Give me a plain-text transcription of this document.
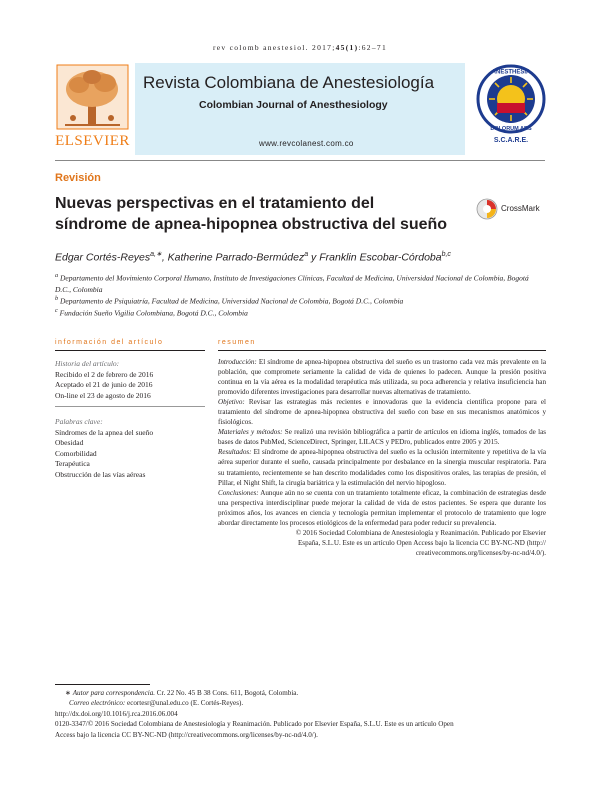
rev colomb anestesiol. 2017;45(1):62–71
ELSEVIER
Revista Colombiana de Anestesiología
Colombian Journal of Anesthesiology
www.revcolanest.com.co
ANESTHESIA
DOLORUM ARS
S.C.A.R.E.
Revisión
Nuevas perspectivas en el tratamiento del
síndrome de apnea-hipopnea obstructiva del sueño
CrossMark
Edgar Cortés-Reyes$^{a,∗}$, Katherine Parrado-Bermúdez$^a$ y Franklin Escobar-Córdoba$^{b,c}$
$^a$ Departamento del Movimiento Corporal Humano, Instituto de Investigaciones Clínicas, Facultad de Medicina, Universidad Nacional de Colombia, Bogotá D.C., Colombia
$^b$ Departamento de Psiquiatría, Facultad de Medicina, Universidad Nacional de Colombia, Bogotá D.C., Colombia
$^c$ Fundación Sueño Vigilia Colombiana, Bogotá D.C., Colombia
información del artículo
Historia del artículo:
Recibido el 2 de febrero de 2016
Aceptado el 21 de junio de 2016
On-line el 23 de agosto de 2016
Palabras clave:
Síndromes de la apnea del sueño
Obesidad
Comorbilidad
Terapéutica
Obstrucción de las vías aéreas
resumen

Introducción: El síndrome de apnea-hipopnea obstructiva del sueño es un trastorno cada vez más prevalente en la población, que compromete seriamente la calidad de vida de quienes lo padecen. Aunque la presión positiva continua en la vía aérea es la modalidad terapéutica más utilizada, su poca adherencia y relativa insuficiencia han promovido diferentes investigaciones para desarrollar nuevas alternativas de tratamiento.

Objetivo: Revisar las estrategias más recientes e innovadoras que la evidencia científica propone para el tratamiento del síndrome de apnea-hipopnea obstructiva del sueño con base en sus mecanismos anatómicos y fisiológicos.

Materiales y métodos: Se realizó una revisión bibliográfica a partir de artículos en idioma inglés, tomados de las bases de datos PubMed, ScienceDirect, Springer, LILACS y PEDro, publicados entre 2005 y 2015.

Resultados: El síndrome de apnea-hipopnea obstructiva del sueño es la oclusión intermitente y repetitiva de la vía aérea superior durante el sueño, causada principalmente por desbalance en la sinergia muscular respiratoria. Para su tratamiento, recientemente se han descrito modalidades como los dispositivos orales, las terapias de presión, el Pillar, el Night Shift, la cirugía bariátrica y la estimulación del nervio hipogloso.

Conclusiones: Aunque aún no se cuenta con un tratamiento totalmente eficaz, la combinación de estrategias desde una perspectiva interdisciplinar puede mejorar la calidad de vida de estos pacientes. Se espera que durante los próximos años, los avances en ciencia y tecnología permitan implementar el protocolo de tratamiento que logre abordar directamente los procesos etiológicos de la enfermedad para poder reducir su prevalencia.

© 2016 Sociedad Colombiana de Anestesiología y Reanimación. Publicado por Elsevier
España, S.L.U. Este es un artículo Open Access bajo la licencia CC BY-NC-ND (http://
creativecommons.org/licenses/by-nc-nd/4.0/).
∗ Autor para correspondencia. Cr. 22 No. 45 B 38 Cons. 611, Bogotá, Colombia.
Correo electrónico: ecortesr@unal.edu.co (E. Cortés-Reyes).
http://dx.doi.org/10.1016/j.rca.2016.06.004
0120-3347/© 2016 Sociedad Colombiana de Anestesiología y Reanimación. Publicado por Elsevier España, S.L.U. Este es un artículo Open
Access bajo la licencia CC BY-NC-ND (http://creativecommons.org/licenses/by-nc-nd/4.0/).
